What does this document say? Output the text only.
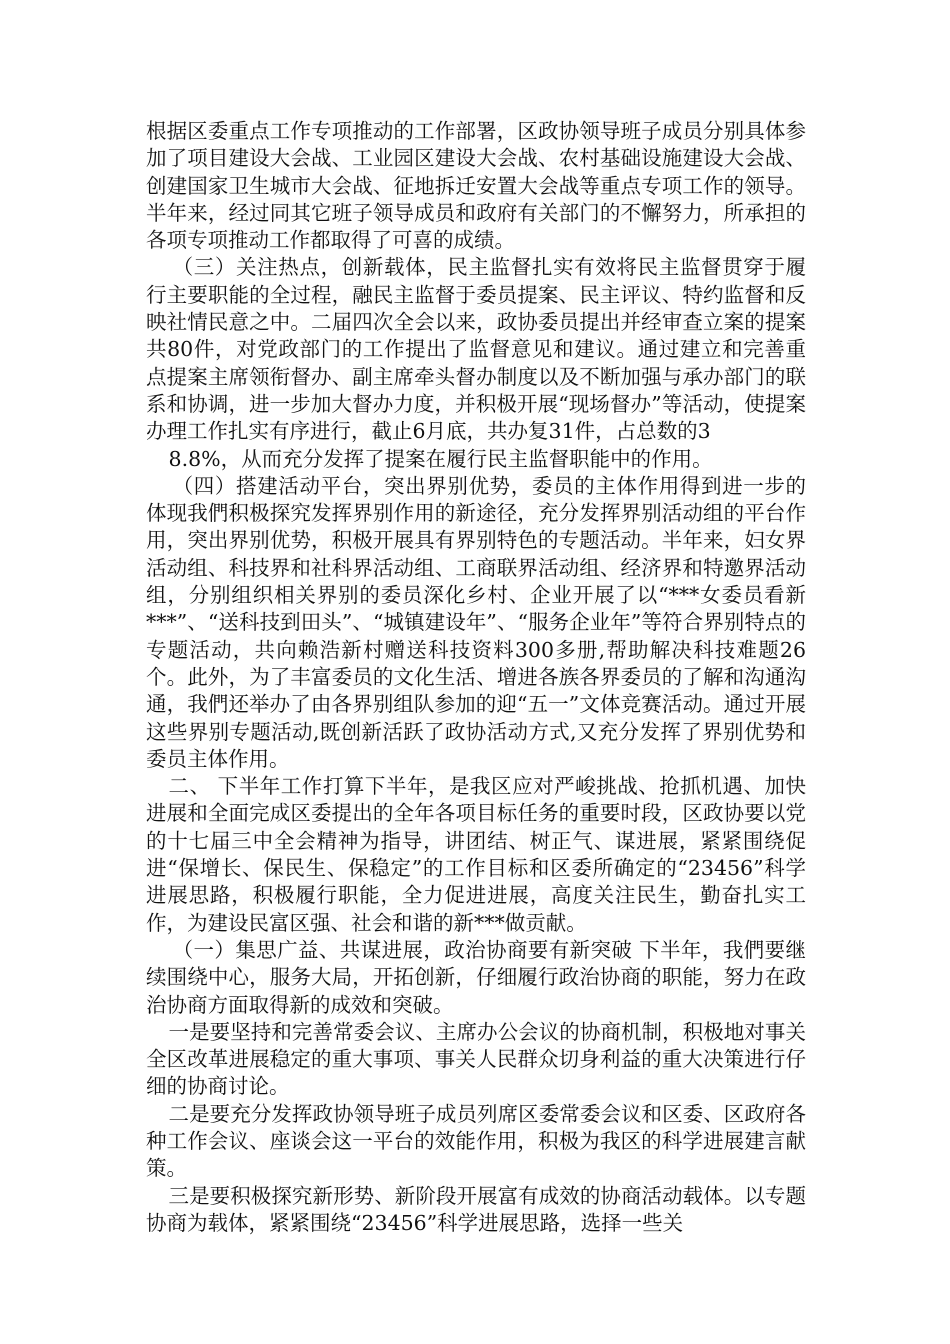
根据区委重点工作专项推动的工作部署，区政协领导班子成员分别具体参加了项目建设大会战、工业园区建设大会战、农村基础设施建设大会战、创建国家卫生城市大会战、征地拆迁安置大会战等重点专项工作的领导。半年来，经过同其它班子领导成员和政府有关部门的不懈努力，所承担的各项专项推动工作都取得了可喜的成绩。

（三）关注热点，创新载体，民主监督扎实有效将民主监督贯穿于履行主要职能的全过程，融民主监督于委员提案、民主评议、特约监督和反映社情民意之中。二届四次全会以来，政协委员提出并经审查立案的提案共80件，对党政部门的工作提出了监督意见和建议。通过建立和完善重点提案主席领衔督办、副主席牵头督办制度以及不断加强与承办部门的联系和协调，进一步加大督办力度，并积极开展“现场督办”等活动，使提案办理工作扎实有序进行，截止6月底，共办复31件，占总数的3

8.8%，从而充分发挥了提案在履行民主监督职能中的作用。

（四）搭建活动平台，突出界别优势，委员的主体作用得到进一步的体现我們积极探究发挥界别作用的新途径，充分发挥界别活动组的平台作用，突出界别优势，积极开展具有界别特色的专题活动。半年来，妇女界活动组、科技界和社科界活动组、工商联界活动组、经济界和特邀界活动组，分别组织相关界别的委员深化乡村、企业开展了以“***女委员看新***”、“送科技到田头”、“城镇建设年”、“服务企业年”等符合界别特点的专题活动，共向赖浩新村赠送科技资料300多册,帮助解决科技难题26个。此外，为了丰富委员的文化生活、增进各族各界委员的了解和沟通沟通，我們还举办了由各界别组队参加的迎“五一”文体竞赛活动。通过开展这些界别专题活动,既创新活跃了政协活动方式,又充分发挥了界别优势和委员主体作用。

二、 下半年工作打算下半年，是我区应对严峻挑战、抢抓机遇、加快进展和全面完成区委提出的全年各项目标任务的重要时段，区政协要以党的十七届三中全会精神为指导，讲团结、树正气、谋进展，紧紧围绕促进“保增长、保民生、保稳定”的工作目标和区委所确定的“23456”科学进展思路，积极履行职能，全力促进进展，高度关注民生，勤奋扎实工作，为建设民富区强、社会和谐的新***做贡献。

（一）集思广益、共谋进展，政治协商要有新突破 下半年，我們要继续围绕中心，服务大局，开拓创新，仔细履行政治协商的职能，努力在政治协商方面取得新的成效和突破。

一是要坚持和完善常委会议、主席办公会议的协商机制，积极地对事关全区改革进展稳定的重大事项、事关人民群众切身利益的重大决策进行仔细的协商讨论。

二是要充分发挥政协领导班子成员列席区委常委会议和区委、区政府各种工作会议、座谈会这一平台的效能作用，积极为我区的科学进展建言献策。

三是要积极探究新形势、新阶段开展富有成效的协商活动载体。以专题协商为载体，紧紧围绕“23456”科学进展思路，选择一些关
